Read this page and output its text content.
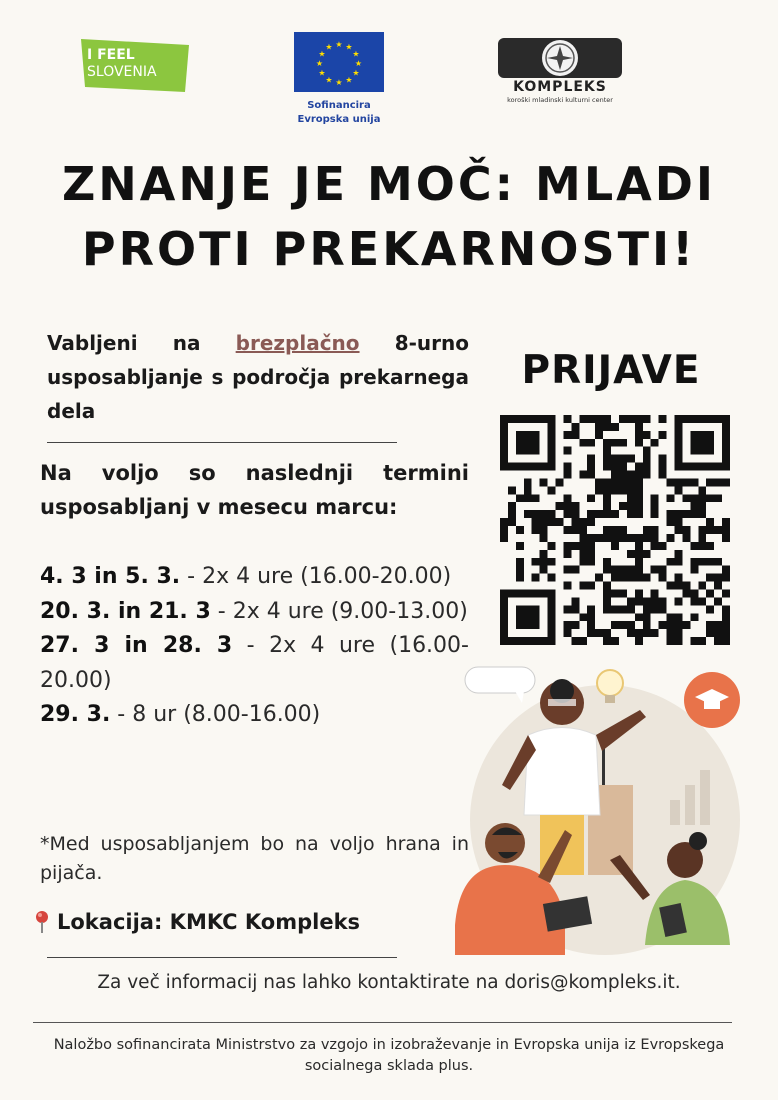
I FEEL
SLOVENIA
★ ★
★
★
★
★
★
★
★
★
★
★
Sofinancira
Evropska unija
KOMPLEKS
koroški mladinski kulturni center
ZNANJE JE MOČ: MLADI
PROTI PREKARNOSTI!
Vabljeni na brezplačno 8-urno usposabljanje s področja prekarnega dela
Na voljo so naslednji termini usposabljanj v mesecu marcu:
4. 3 in 5. 3. - 2x 4 ure (16.00-20.00)
20. 3. in 21. 3 - 2x 4 ure (9.00-13.00)
27. 3 in 28. 3 - 2x 4 ure (16.00-20.00)
29. 3. - 8 ur (8.00-16.00)
*Med usposabljanjem bo na voljo hrana in pijača.
Lokacija: KMKC Kompleks
Za več informacij nas lahko kontaktirate na doris@kompleks.it.
Naložbo sofinancirata Ministrstvo za vzgojo in izobraževanje in Evropska unija iz Evropskega socialnega sklada plus.
PRIJAVE
